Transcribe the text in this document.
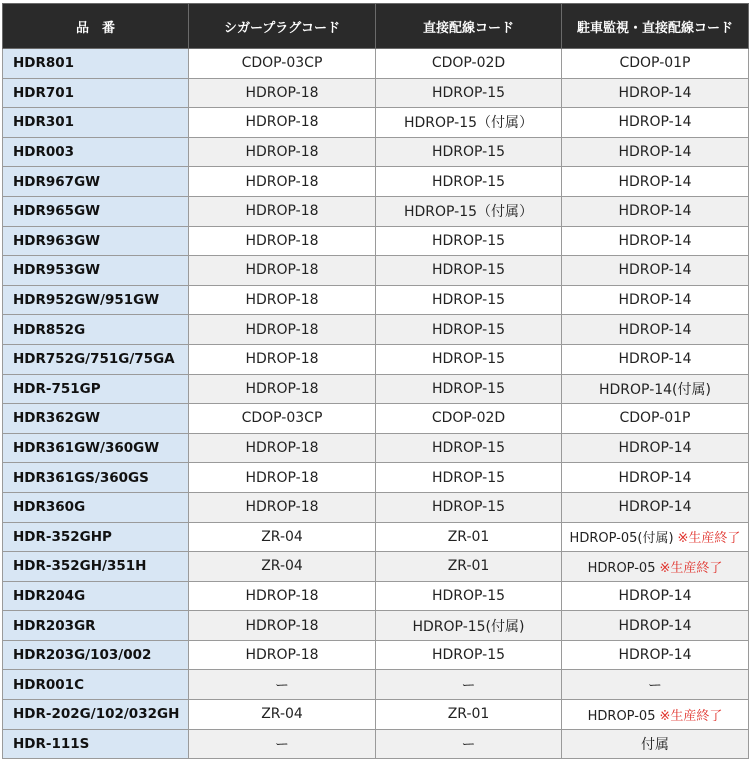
品　番	シガープラグコード	直接配線コード	駐車監視・直接配線コード
HDR801	CDOP-03CP	CDOP-02D	CDOP-01P
HDR701	HDROP-18	HDROP-15	HDROP-14
HDR301	HDROP-18	HDROP-15（付属）	HDROP-14
HDR003	HDROP-18	HDROP-15	HDROP-14
HDR967GW	HDROP-18	HDROP-15	HDROP-14
HDR965GW	HDROP-18	HDROP-15（付属）	HDROP-14
HDR963GW	HDROP-18	HDROP-15	HDROP-14
HDR953GW	HDROP-18	HDROP-15	HDROP-14
HDR952GW/951GW	HDROP-18	HDROP-15	HDROP-14
HDR852G	HDROP-18	HDROP-15	HDROP-14
HDR752G/751G/75GA	HDROP-18	HDROP-15	HDROP-14
HDR-751GP	HDROP-18	HDROP-15	HDROP-14(付属)
HDR362GW	CDOP-03CP	CDOP-02D	CDOP-01P
HDR361GW/360GW	HDROP-18	HDROP-15	HDROP-14
HDR361GS/360GS	HDROP-18	HDROP-15	HDROP-14
HDR360G	HDROP-18	HDROP-15	HDROP-14
HDR-352GHP	ZR-04	ZR-01	HDROP-05(付属) ※生産終了
HDR-352GH/351H	ZR-04	ZR-01	HDROP-05 ※生産終了
HDR204G	HDROP-18	HDROP-15	HDROP-14
HDR203GR	HDROP-18	HDROP-15(付属)	HDROP-14
HDR203G/103/002	HDROP-18	HDROP-15	HDROP-14
HDR001C	ー	ー	ー
HDR-202G/102/032GH	ZR-04	ZR-01	HDROP-05 ※生産終了
HDR-111S	ー	ー	付属
